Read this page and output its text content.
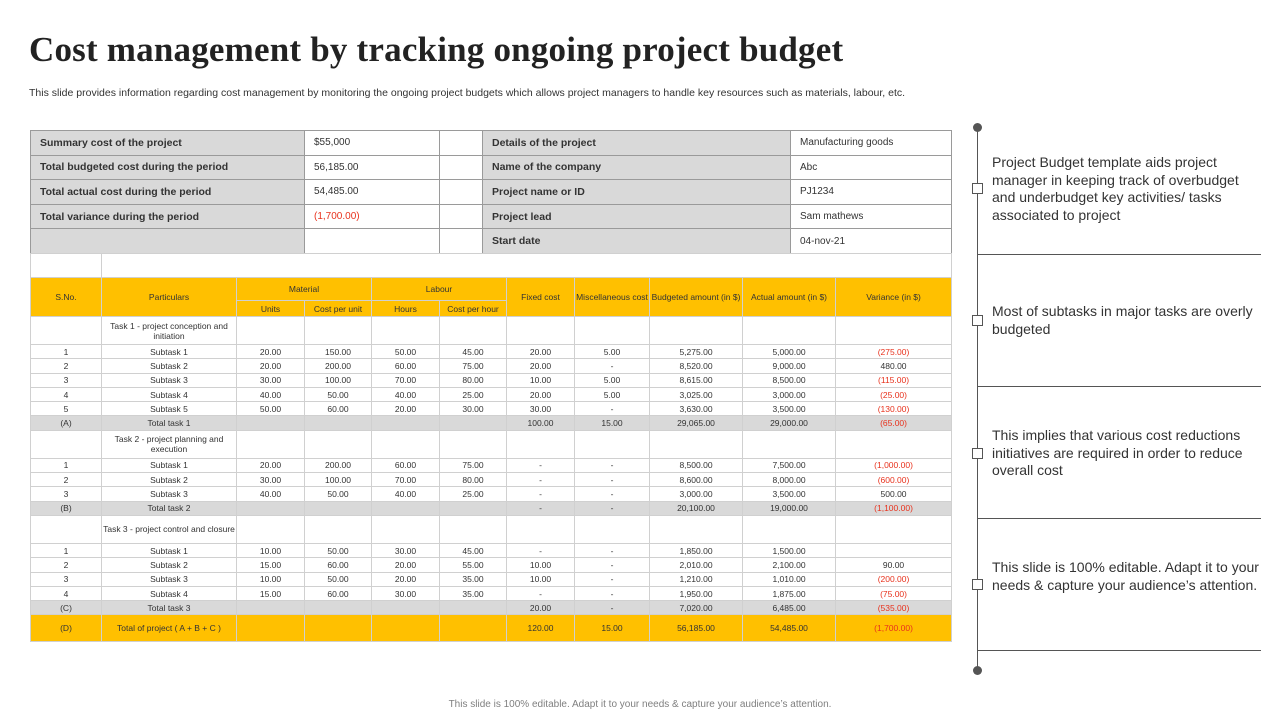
Cost management by tracking ongoing project budget

This slide provides information regarding cost management by monitoring the ongoing project budgets which allows project managers to handle key resources such as materials, labour, etc.

Summary cost of the project	$55,000		Details of the project	Manufacturing goods
Total budgeted cost during the period	56,185.00		Name of the company	Abc
Total actual cost during the period	54,485.00		Project name or ID	PJ1234
Total variance during the period	(1,700.00)		Project lead	Sam mathews
			Start date	04-nov-21

S.No.	Particulars	Material		Labour		Fixed cost	Miscellaneous cost	Budgeted amount (in $)	Actual amount (in $)	Variance (in $)
		Units	Cost per unit	Hours	Cost per hour					
	Task 1 - project conception and initiation									
1	Subtask 1	20.00	150.00	50.00	45.00	20.00	5.00	5,275.00	5,000.00	(275.00)
2	Subtask 2	20.00	200.00	60.00	75.00	20.00	-	8,520.00	9,000.00	480.00
3	Subtask 3	30.00	100.00	70.00	80.00	10.00	5.00	8,615.00	8,500.00	(115.00)
4	Subtask 4	40.00	50.00	40.00	25.00	20.00	5.00	3,025.00	3,000.00	(25.00)
5	Subtask 5	50.00	60.00	20.00	30.00	30.00	-	3,630.00	3,500.00	(130.00)
(A)	Total task 1					100.00	15.00	29,065.00	29,000.00	(65.00)
	Task 2 - project planning and execution									
1	Subtask 1	20.00	200.00	60.00	75.00	-	-	8,500.00	7,500.00	(1,000.00)
2	Subtask 2	30.00	100.00	70.00	80.00	-	-	8,600.00	8,000.00	(600.00)
3	Subtask 3	40.00	50.00	40.00	25.00	-	-	3,000.00	3,500.00	500.00
(B)	Total task 2					-	-	20,100.00	19,000.00	(1,100.00)
	Task 3 - project control and closure									
1	Subtask 1	10.00	50.00	30.00	45.00	-	-	1,850.00	1,500.00	
2	Subtask 2	15.00	60.00	20.00	55.00	10.00	-	2,010.00	2,100.00	90.00
3	Subtask 3	10.00	50.00	20.00	35.00	10.00	-	1,210.00	1,010.00	(200.00)
4	Subtask 4	15.00	60.00	30.00	35.00	-	-	1,950.00	1,875.00	(75.00)
(C)	Total task 3					20.00	-	7,020.00	6,485.00	(535.00)
(D)	Total of project ( A + B + C )					120.00	15.00	56,185.00	54,485.00	(1,700.00)

Project Budget template aids project manager in keeping track of overbudget and underbudget key activities/ tasks associated to project

Most of subtasks in major tasks are overly budgeted

This implies that various cost reductions initiatives are required in order to reduce overall cost

This slide is 100% editable. Adapt it to your needs & capture your audience’s attention.

This slide is 100% editable. Adapt it to your needs & capture your audience’s attention.
